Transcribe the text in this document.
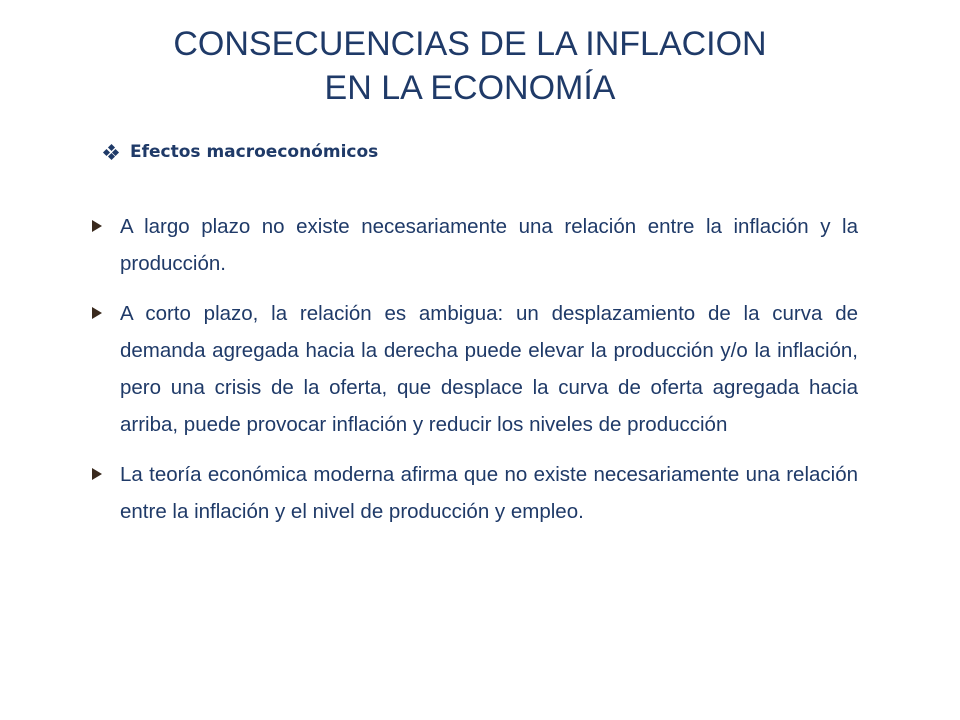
CONSECUENCIAS DE LA INFLACION
EN LA ECONOMÍA
Efectos macroeconómicos
A largo plazo no existe necesariamente una relación entre la inflación y la producción.
A corto plazo, la relación es ambigua: un desplazamiento de la curva de demanda agregada hacia la derecha puede elevar la producción y/o la inflación, pero una crisis de la oferta, que desplace la curva de oferta agregada hacia arriba, puede provocar inflación y reducir los niveles de producción
La teoría económica moderna afirma que no existe necesariamente una relación entre la inflación y el nivel de producción y empleo.
